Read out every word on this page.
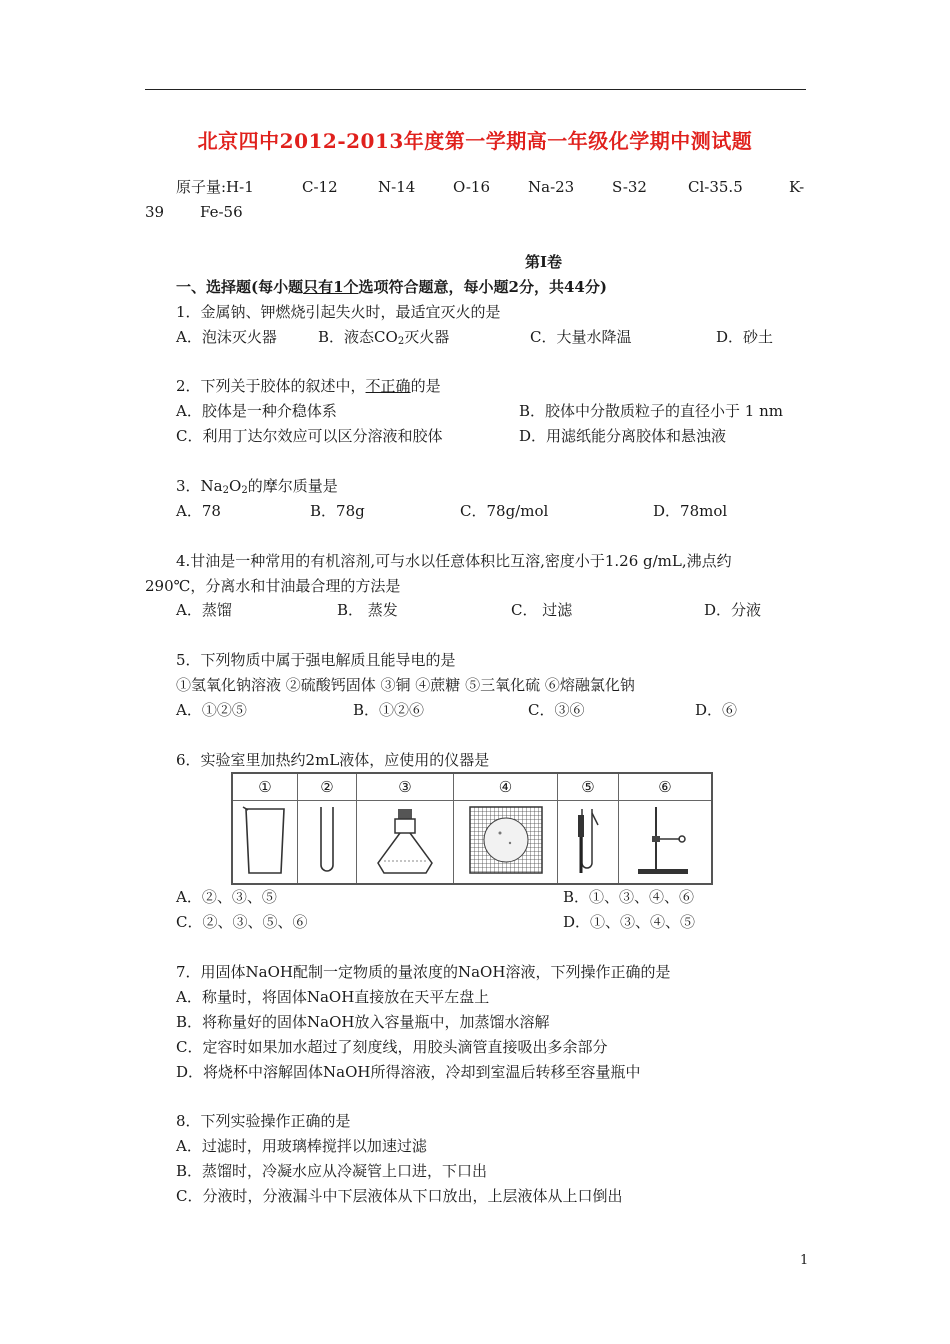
北京四中2012-2013年度第一学期高一年级化学期中测试题
原子量:H-1	C-12	N-14	O-16	Na-23	S-32	Cl-35.5	K-
39 Fe-56
第Ⅰ卷
一、选择题(每小题只有1个选项符合题意，每小题2分，共44分)
1．金属钠、钾燃烧引起失火时，最适宜灭火的是
A．泡沫灭火器	B．液态$CO_2$灭火器	C．大量水降温	D．砂土
2．下列关于胶体的叙述中，不正确的是
A．胶体是一种介稳体系	B．胶体中分散质粒子的直径小于 1 nm
C．利用丁达尔效应可以区分溶液和胶体	D．用滤纸能分离胶体和悬浊液
3．$Na_2O_2$的摩尔质量是
A．78	B．78g	C．78g/mol	D．78mol
4.甘油是一种常用的有机溶剂,可与水以任意体积比互溶,密度小于1.26 g/mL,沸点约
290℃，分离水和甘油最合理的方法是
A．蒸馏	B． 蒸发	C． 过滤	D．分液
5．下列物质中属于强电解质且能导电的是
①氢氧化钠溶液 ②硫酸钙固体 ③铜 ④蔗糖 ⑤三氧化硫 ⑥熔融氯化钠
A．①②⑤	B．①②⑥	C．③⑥	D．⑥
6．实验室里加热约2mL液体，应使用的仪器是
①	②	③	④	⑤	⑥

A．②、③、⑤	B．①、③、④、⑥
C．②、③、⑤、⑥	D．①、③、④、⑤
7．用固体NaOH配制一定物质的量浓度的NaOH溶液，下列操作正确的是
A．称量时，将固体NaOH直接放在天平左盘上
B．将称量好的固体NaOH放入容量瓶中，加蒸馏水溶解
C．定容时如果加水超过了刻度线，用胶头滴管直接吸出多余部分
D．将烧杯中溶解固体NaOH所得溶液，冷却到室温后转移至容量瓶中
8．下列实验操作正确的是
A．过滤时，用玻璃棒搅拌以加速过滤
B．蒸馏时，冷凝水应从冷凝管上口进，下口出
C．分液时，分液漏斗中下层液体从下口放出，上层液体从上口倒出
1
